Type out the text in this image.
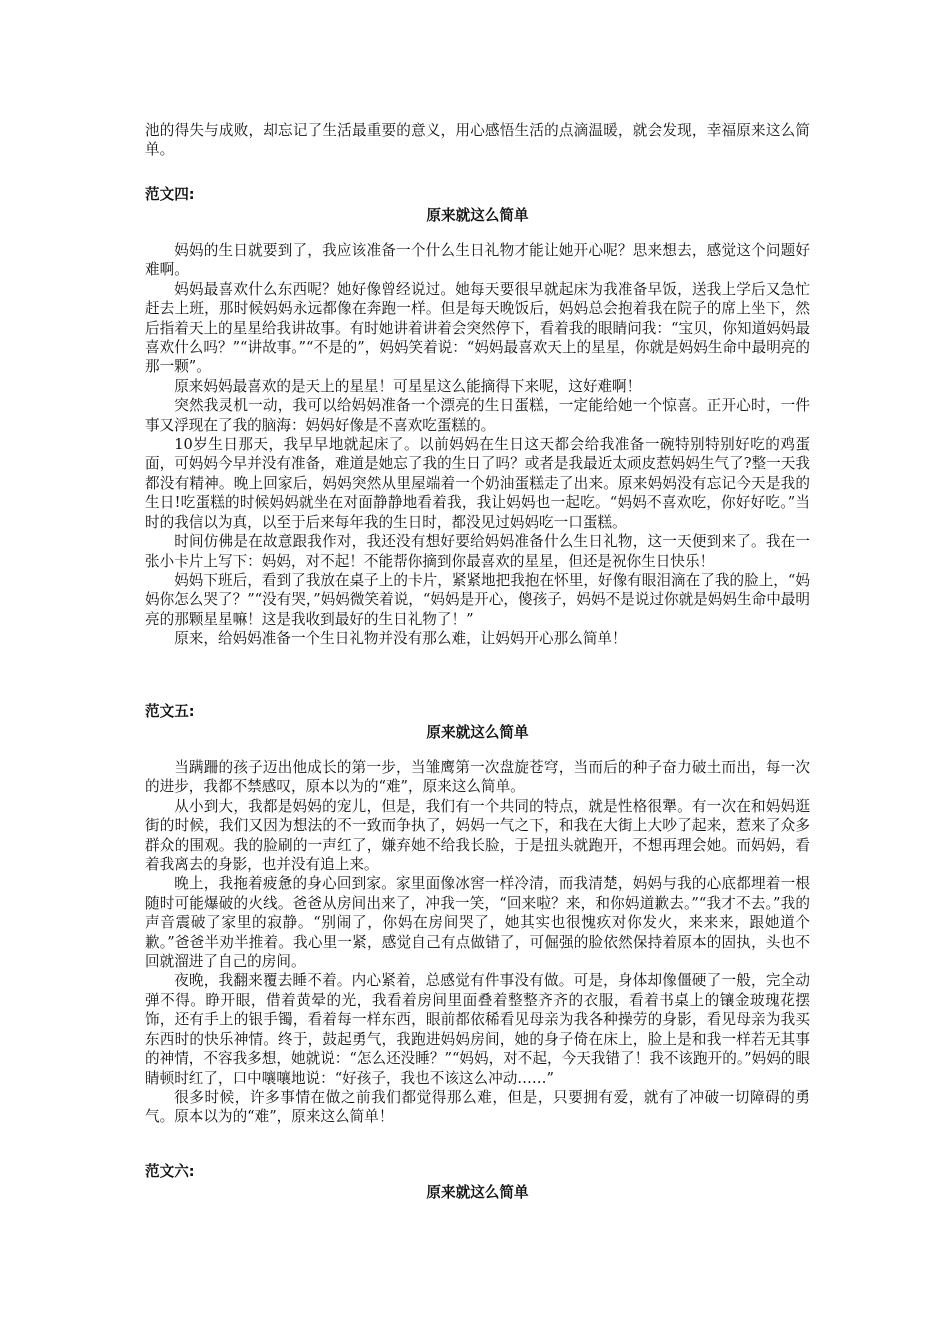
池的得失与成败，却忘记了生活最重要的意义，用心感悟生活的点滴温暖，就会发现，幸福原来这么简单。

范文四:

原来就这么简单

妈妈的生日就要到了，我应该准备一个什么生日礼物才能让她开心呢？思来想去，感觉这个问题好难啊。

妈妈最喜欢什么东西呢？她好像曾经说过。她每天要很早就起床为我准备早饭，送我上学后又急忙赶去上班，那时候妈妈永远都像在奔跑一样。但是每天晚饭后，妈妈总会抱着我在院子的席上坐下，然后指着天上的星星给我讲故事。有时她讲着讲着会突然停下，看着我的眼睛问我：“宝贝，你知道妈妈最喜欢什么吗？”“讲故事。”“不是的”，妈妈笑着说：“妈妈最喜欢天上的星星，你就是妈妈生命中最明亮的那一颗”。

原来妈妈最喜欢的是天上的星星！可星星这么能摘得下来呢，这好难啊！

突然我灵机一动，我可以给妈妈准备一个漂亮的生日蛋糕，一定能给她一个惊喜。正开心时，一件事又浮现在了我的脑海：妈妈好像是不喜欢吃蛋糕的。

10岁生日那天，我早早地就起床了。以前妈妈在生日这天都会给我准备一碗特别特别好吃的鸡蛋面，可妈妈今早并没有准备，难道是她忘了我的生日了吗？或者是我最近太顽皮惹妈妈生气了?整一天我都没有精神。晚上回家后，妈妈突然从里屋端着一个奶油蛋糕走了出来。原来妈妈没有忘记今天是我的生日!吃蛋糕的时候妈妈就坐在对面静静地看着我，我让妈妈也一起吃。“妈妈不喜欢吃，你好好吃。”当时的我信以为真，以至于后来每年我的生日时，都没见过妈妈吃一口蛋糕。

时间仿佛是在故意跟我作对，我还没有想好要给妈妈准备什么生日礼物，这一天便到来了。我在一张小卡片上写下：妈妈，对不起！不能帮你摘到你最喜欢的星星，但还是祝你生日快乐！

妈妈下班后，看到了我放在桌子上的卡片，紧紧地把我抱在怀里，好像有眼泪滴在了我的脸上，“妈妈你怎么哭了？”“没有哭，”妈妈微笑着说，“妈妈是开心，傻孩子，妈妈不是说过你就是妈妈生命中最明亮的那颗星星嘛！这是我收到最好的生日礼物了！”

原来，给妈妈准备一个生日礼物并没有那么难，让妈妈开心那么简单！

范文五:

原来就这么简单

当蹒跚的孩子迈出他成长的第一步，当雏鹰第一次盘旋苍穹，当而后的种子奋力破土而出，每一次的进步，我都不禁感叹，原本以为的“难”，原来这么简单。

从小到大，我都是妈妈的宠儿，但是，我们有一个共同的特点，就是性格很犟。有一次在和妈妈逛街的时候，我们又因为想法的不一致而争执了，妈妈一气之下，和我在大街上大吵了起来，惹来了众多群众的围观。我的脸刷的一声红了，嫌弃她不给我长脸，于是扭头就跑开，不想再理会她。而妈妈，看着我离去的身影，也并没有追上来。

晚上，我拖着疲惫的身心回到家。家里面像冰窖一样冷清，而我清楚，妈妈与我的心底都埋着一根随时可能爆破的火线。爸爸从房间出来了，冲我一笑，“回来啦？来，和你妈道歉去。”“我才不去。”我的声音震破了家里的寂静。“别闹了，你妈在房间哭了，她其实也很愧疚对你发火，来来来，跟她道个歉。”爸爸半劝半推着。我心里一紧，感觉自己有点做错了，可倔强的脸依然保持着原本的固执，头也不回就溜进了自己的房间。

夜晚，我翻来覆去睡不着。内心紧着，总感觉有件事没有做。可是，身体却像僵硬了一般，完全动弹不得。睁开眼，借着黄晕的光，我看着房间里面叠着整整齐齐的衣服，看着书桌上的镶金玻瑰花摆饰，还有手上的银手镯，看着每一样东西，眼前都依稀看见母亲为我各种操劳的身影，看见母亲为我买东西时的快乐神情。终于，鼓起勇气，我跑进妈妈房间，她的身子倚在床上，脸上是和我一样若无其事的神情，不容我多想，她就说：“怎么还没睡？”“妈妈，对不起，今天我错了！我不该跑开的。”妈妈的眼睛顿时红了，口中嚷嚷地说：“好孩子，我也不该这么冲动……”

很多时候，许多事情在做之前我们都觉得那么难，但是，只要拥有爱，就有了冲破一切障碍的勇气。原本以为的“难”，原来这么简单！

范文六:

原来就这么简单
